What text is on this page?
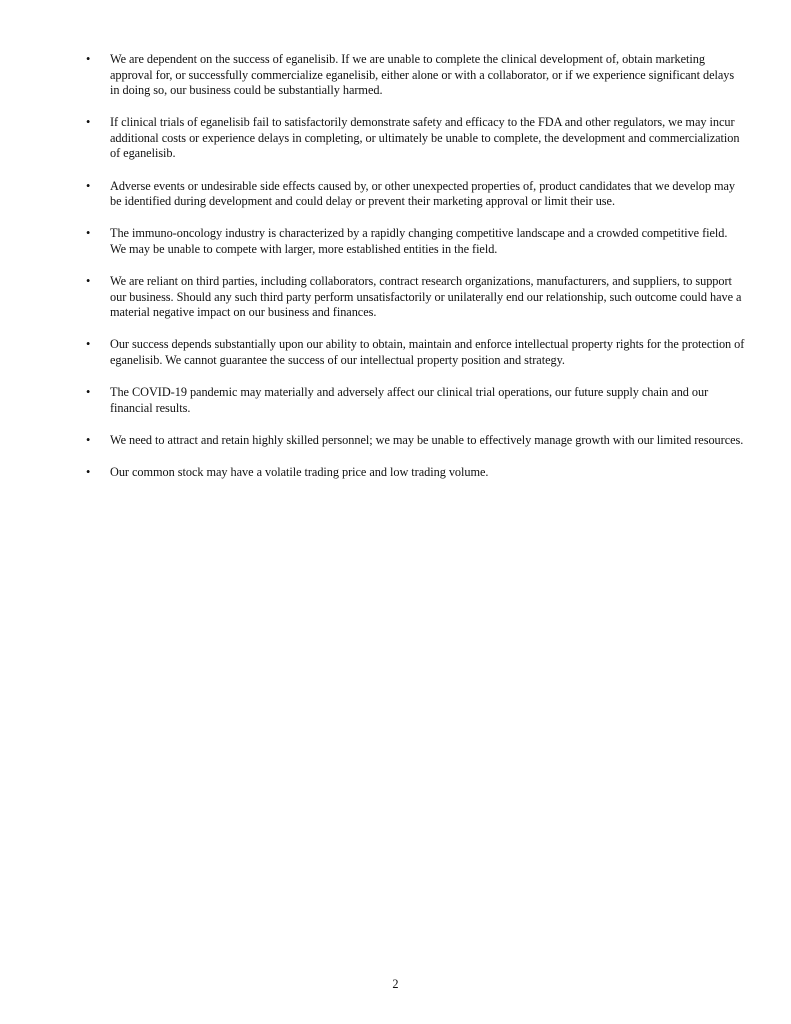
•	We are dependent on the success of eganelisib. If we are unable to complete the clinical development of, obtain marketing approval for, or successfully commercialize eganelisib, either alone or with a collaborator, or if we experience significant delays in doing so, our business could be substantially harmed.
•	If clinical trials of eganelisib fail to satisfactorily demonstrate safety and efficacy to the FDA and other regulators, we may incur additional costs or experience delays in completing, or ultimately be unable to complete, the development and commercialization of eganelisib.
•	Adverse events or undesirable side effects caused by, or other unexpected properties of, product candidates that we develop may be identified during development and could delay or prevent their marketing approval or limit their use.
•	The immuno-oncology industry is characterized by a rapidly changing competitive landscape and a crowded competitive field. We may be unable to compete with larger, more established entities in the field.
•	We are reliant on third parties, including collaborators, contract research organizations, manufacturers, and suppliers, to support our business. Should any such third party perform unsatisfactorily or unilaterally end our relationship, such outcome could have a material negative impact on our business and finances.
•	Our success depends substantially upon our ability to obtain, maintain and enforce intellectual property rights for the protection of eganelisib. We cannot guarantee the success of our intellectual property position and strategy.
•	The COVID-19 pandemic may materially and adversely affect our clinical trial operations, our future supply chain and our financial results.
•	We need to attract and retain highly skilled personnel; we may be unable to effectively manage growth with our limited resources.
•	Our common stock may have a volatile trading price and low trading volume.
2
